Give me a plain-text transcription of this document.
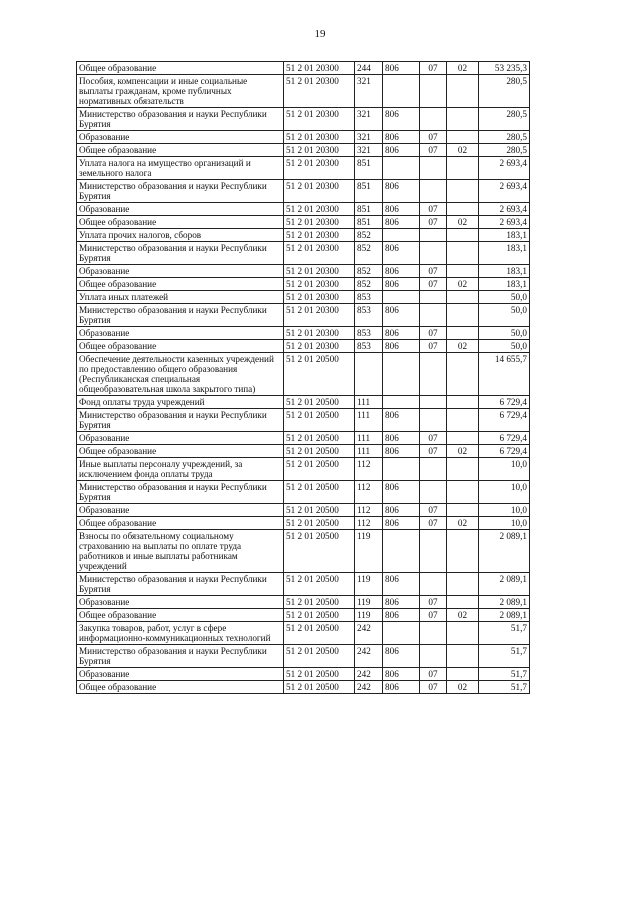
19
Общее образование	51 2 01 20300	244	806	07	02	53 235,3
Пособия, компенсации и иные социальные выплаты гражданам, кроме публичных нормативных обязательств	51 2 01 20300	321				280,5
Министерство образования и науки Республики Бурятия	51 2 01 20300	321	806			280,5
Образование	51 2 01 20300	321	806	07		280,5
Общее образование	51 2 01 20300	321	806	07	02	280,5
Уплата налога на имущество организаций и земельного налога	51 2 01 20300	851				2 693,4
Министерство образования и науки Республики Бурятия	51 2 01 20300	851	806			2 693,4
Образование	51 2 01 20300	851	806	07		2 693,4
Общее образование	51 2 01 20300	851	806	07	02	2 693,4
Уплата прочих налогов, сборов	51 2 01 20300	852				183,1
Министерство образования и науки Республики Бурятия	51 2 01 20300	852	806			183,1
Образование	51 2 01 20300	852	806	07		183,1
Общее образование	51 2 01 20300	852	806	07	02	183,1
Уплата иных платежей	51 2 01 20300	853				50,0
Министерство образования и науки Республики Бурятия	51 2 01 20300	853	806			50,0
Образование	51 2 01 20300	853	806	07		50,0
Общее образование	51 2 01 20300	853	806	07	02	50,0
Обеспечение деятельности казенных учреждений по предоставлению общего образования (Республиканская специальная общеобразовательная школа закрытого типа)	51 2 01 20500					14 655,7
Фонд оплаты труда учреждений	51 2 01 20500	111				6 729,4
Министерство образования и науки Республики Бурятия	51 2 01 20500	111	806			6 729,4
Образование	51 2 01 20500	111	806	07		6 729,4
Общее образование	51 2 01 20500	111	806	07	02	6 729,4
Иные выплаты персоналу учреждений, за исключением фонда оплаты труда	51 2 01 20500	112				10,0
Министерство образования и науки Республики Бурятия	51 2 01 20500	112	806			10,0
Образование	51 2 01 20500	112	806	07		10,0
Общее образование	51 2 01 20500	112	806	07	02	10,0
Взносы по обязательному социальному страхованию на выплаты по оплате труда работников и иные выплаты работникам учреждений	51 2 01 20500	119				2 089,1
Министерство образования и науки Республики Бурятия	51 2 01 20500	119	806			2 089,1
Образование	51 2 01 20500	119	806	07		2 089,1
Общее образование	51 2 01 20500	119	806	07	02	2 089,1
Закупка товаров, работ, услуг в сфере информационно-коммуникационных технологий	51 2 01 20500	242				51,7
Министерство образования и науки Республики Бурятия	51 2 01 20500	242	806			51,7
Образование	51 2 01 20500	242	806	07		51,7
Общее образование	51 2 01 20500	242	806	07	02	51,7
